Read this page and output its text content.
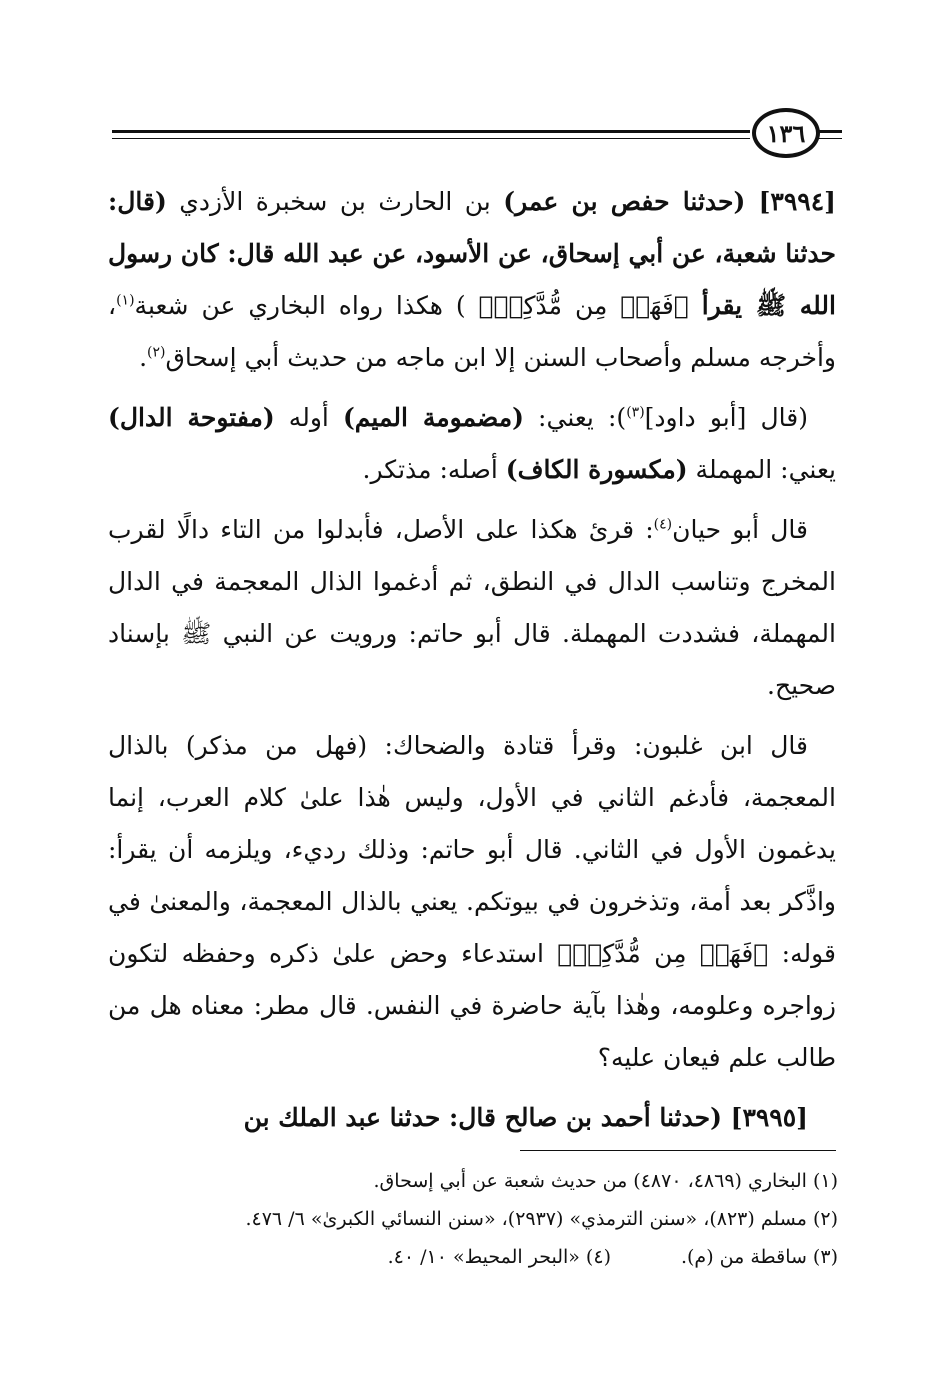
١٣٦

[٣٩٩٤] (حدثنا حفص بن عمر) بن الحارث بن سخبرة الأزدي (قال: حدثنا شعبة، عن أبي إسحاق، عن الأسود، عن عبد الله قال: كان رسول الله ﷺ يقرأ ﴿فَهَلۡ مِن مُّدَّكِرٖ﴾ ) هكذا رواه البخاري عن شعبة$^{(١)}$، وأخرجه مسلم وأصحاب السنن إلا ابن ماجه من حديث أبي إسحاق$^{(٢)}$.

(قال [أبو داود]$^{(٣)}$): يعني: (مضمومة الميم) أوله (مفتوحة الدال) يعني: المهملة (مكسورة الكاف) أصله: مذتكر.

قال أبو حيان$^{(٤)}$: قرئ هكذا على الأصل، فأبدلوا من التاء دالًا لقرب المخرج وتناسب الدال في النطق، ثم أدغموا الذال المعجمة في الدال المهملة، فشددت المهملة. قال أبو حاتم: ورويت عن النبي ﷺ بإسناد صحيح.

قال ابن غلبون: وقرأ قتادة والضحاك: (فهل من مذكر) بالذال المعجمة، فأدغم الثاني في الأول، وليس هٰذا علىٰ كلام العرب، إنما يدغمون الأول في الثاني. قال أبو حاتم: وذلك رديء، ويلزمه أن يقرأ: واذَّكر بعد أمة، وتذخرون في بيوتكم. يعني بالذال المعجمة، والمعنىٰ في قوله: ﴿فَهَلۡ مِن مُّدَّكِرٖ﴾ استدعاء وحض علىٰ ذكره وحفظه لتكون زواجره وعلومه، وهٰذا بآية حاضرة في النفس. قال مطر: معناه هل من طالب علم فيعان عليه؟

[٣٩٩٥] (حدثنا أحمد بن صالح قال: حدثنا عبد الملك بن

(١) البخاري (٤٨٦٩، ٤٨٧٠) من حديث شعبة عن أبي إسحاق.
(٢) مسلم (٨٢٣)، «سنن الترمذي» (٢٩٣٧)، «سنن النسائي الكبرىٰ» ٦/ ٤٧٦.
(٣) ساقطة من (م).(٤) «البحر المحيط» ١٠/ ٤٠.
